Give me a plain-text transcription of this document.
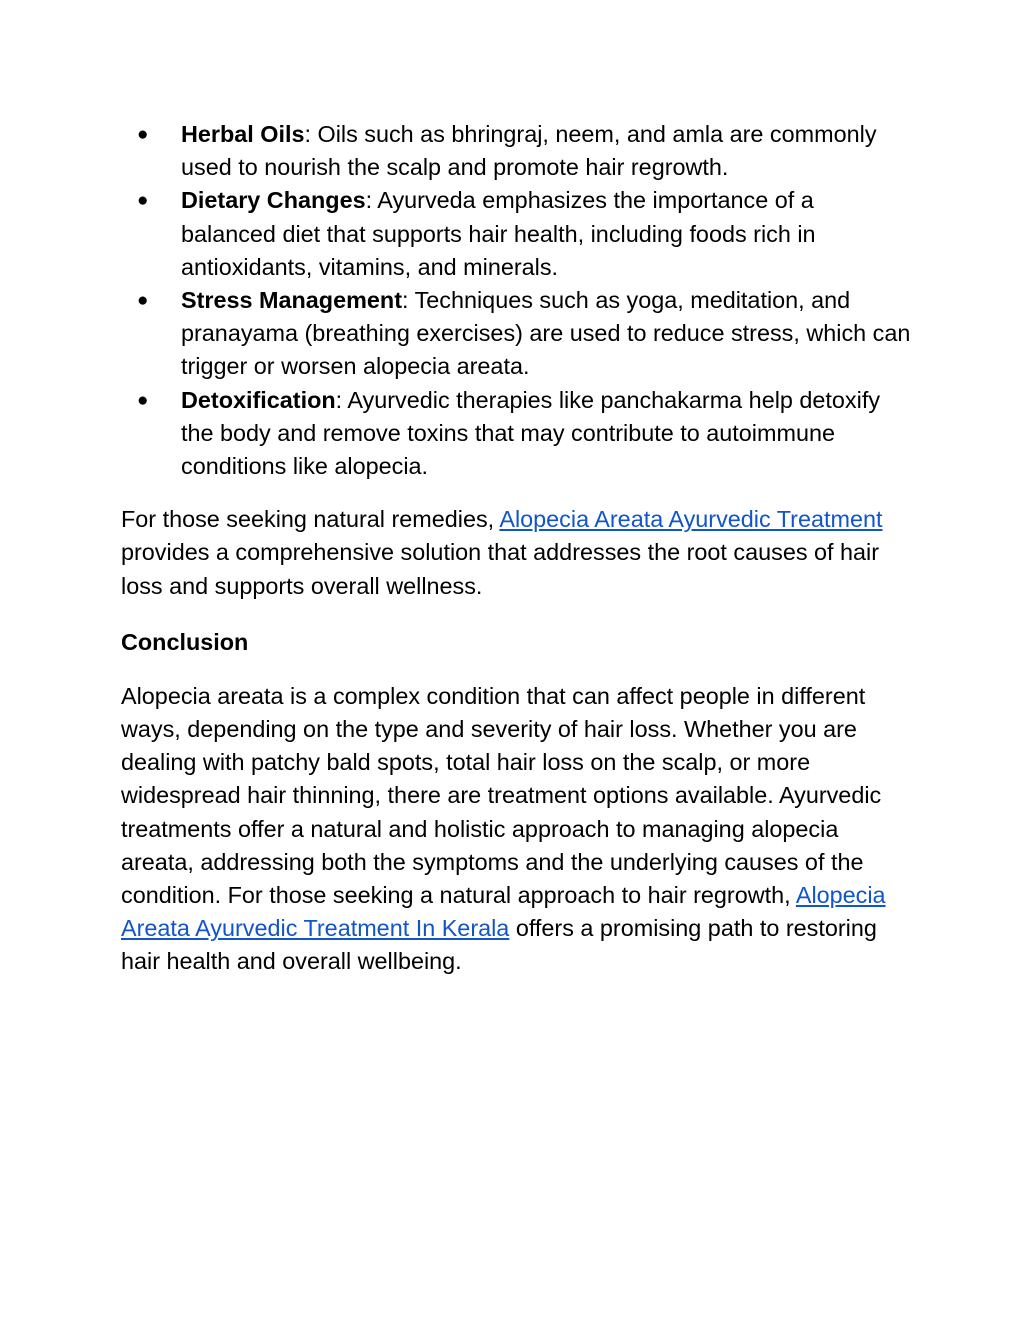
● Herbal Oils: Oils such as bhringraj, neem, and amla are commonly used to nourish the scalp and promote hair regrowth.
● Dietary Changes: Ayurveda emphasizes the importance of a balanced diet that supports hair health, including foods rich in antioxidants, vitamins, and minerals.
● Stress Management: Techniques such as yoga, meditation, and pranayama (breathing exercises) are used to reduce stress, which can trigger or worsen alopecia areata.
● Detoxification: Ayurvedic therapies like panchakarma help detoxify the body and remove toxins that may contribute to autoimmune conditions like alopecia.

For those seeking natural remedies, Alopecia Areata Ayurvedic Treatment provides a comprehensive solution that addresses the root causes of hair loss and supports overall wellness.

Conclusion

Alopecia areata is a complex condition that can affect people in different ways, depending on the type and severity of hair loss. Whether you are dealing with patchy bald spots, total hair loss on the scalp, or more widespread hair thinning, there are treatment options available. Ayurvedic treatments offer a natural and holistic approach to managing alopecia areata, addressing both the symptoms and the underlying causes of the condition. For those seeking a natural approach to hair regrowth, Alopecia Areata Ayurvedic Treatment In Kerala offers a promising path to restoring hair health and overall wellbeing.
